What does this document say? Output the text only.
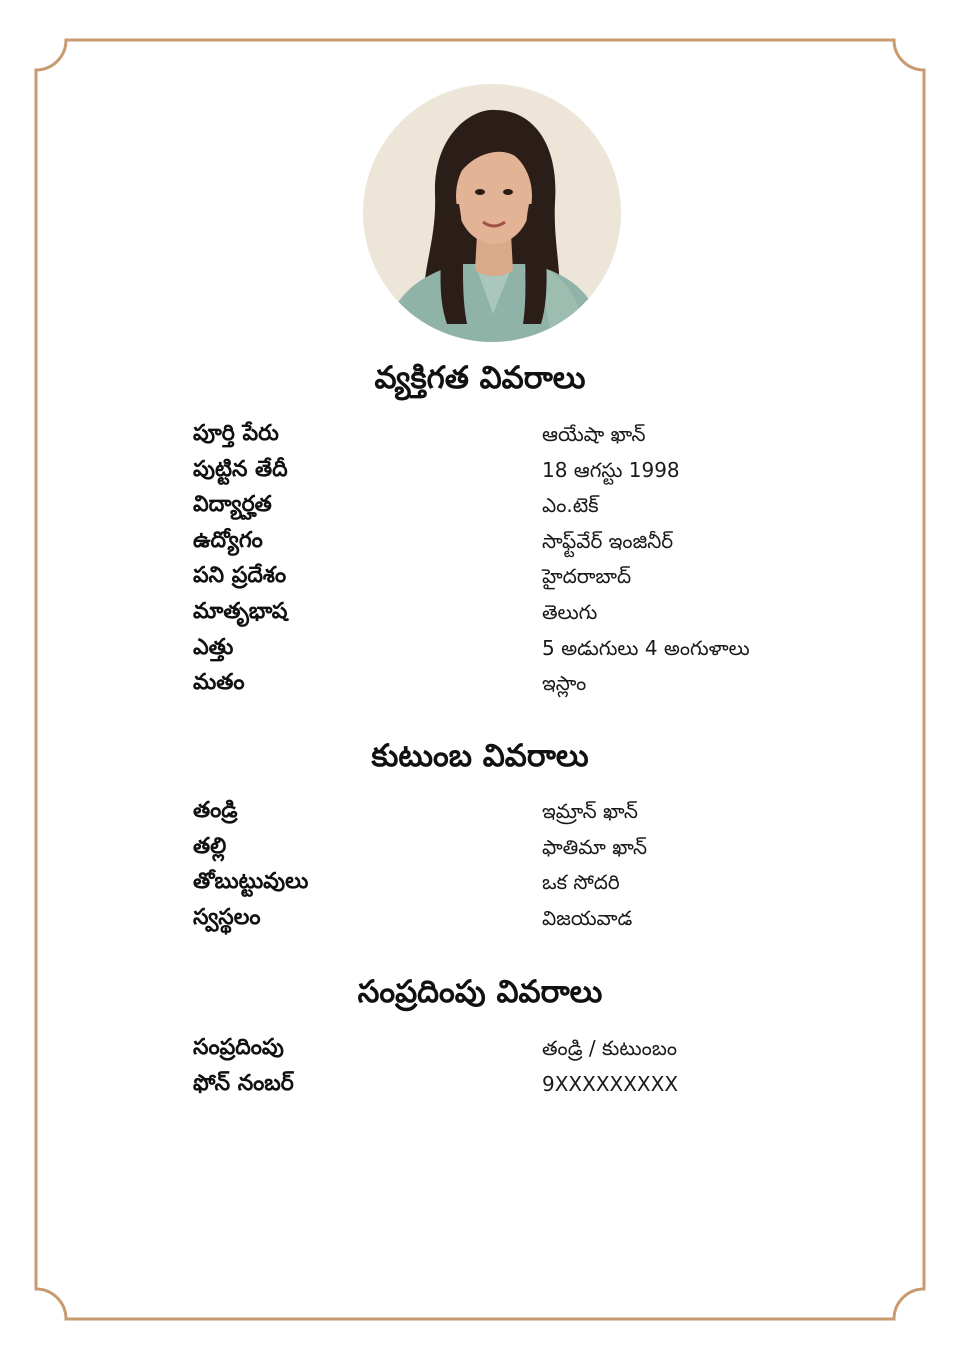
వ్యక్తిగత వివరాలు
పూర్తి పేరు	ఆయేషా ఖాన్
పుట్టిన తేదీ	18 ఆగస్టు 1998
విద్యార్హత	ఎం.టెక్
ఉద్యోగం	సాఫ్ట్‌వేర్ ఇంజినీర్
పని ప్రదేశం	హైదరాబాద్
మాతృభాష	తెలుగు
ఎత్తు	5 అడుగులు 4 అంగుళాలు
మతం	ఇస్లాం
కుటుంబ వివరాలు
తండ్రి	ఇమ్రాన్ ఖాన్
తల్లి	ఫాతిమా ఖాన్
తోబుట్టువులు	ఒక సోదరి
స్వస్థలం	విజయవాడ
సంప్రదింపు వివరాలు
సంప్రదింపు	తండ్రి / కుటుంబం
ఫోన్ నంబర్	9XXXXXXXXX
